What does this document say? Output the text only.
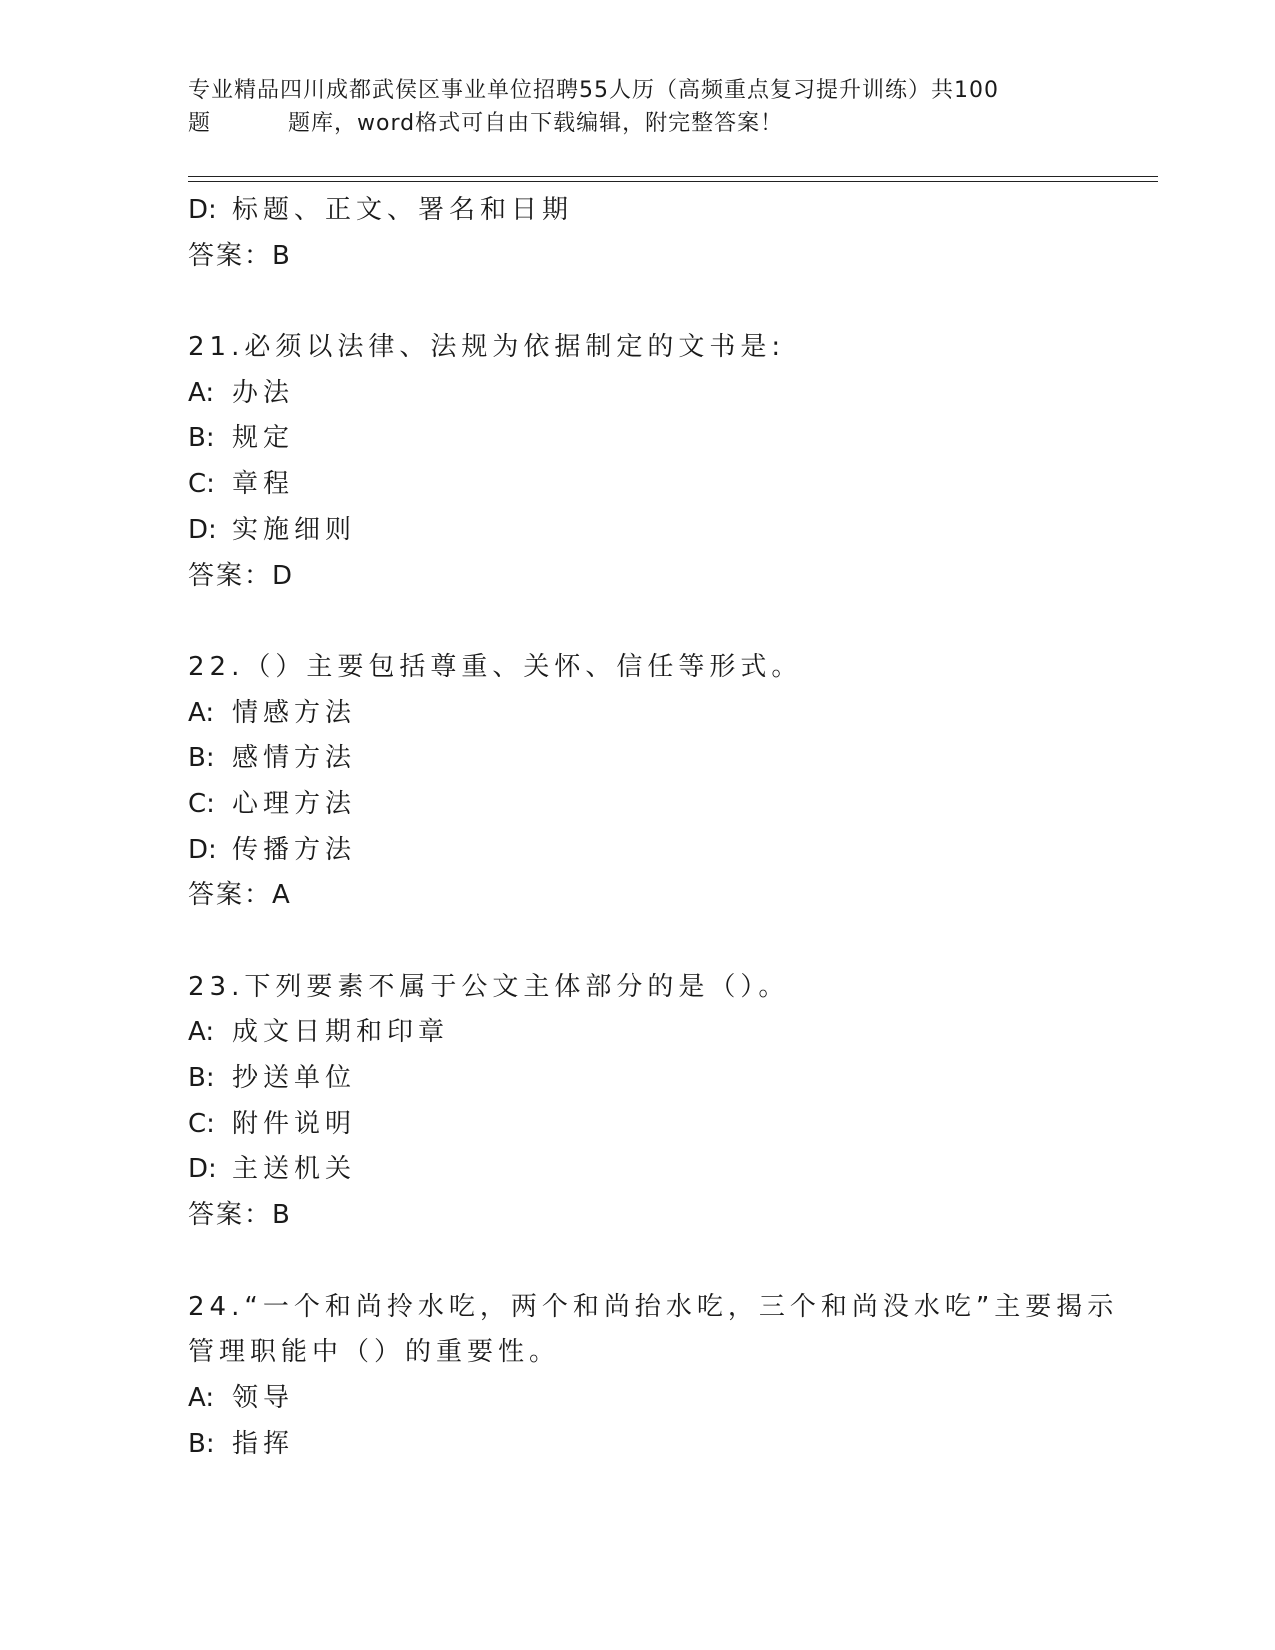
专业精品四川成都武侯区事业单位招聘55人历（高频重点复习提升训练）共100
题	题库，word格式可自由下载编辑，附完整答案！
D: 标题、正文、署名和日期
答案：B
21.必须以法律、法规为依据制定的文书是:
A: 办法
B: 规定
C: 章程
D: 实施细则
答案：D
22.（）主要包括尊重、关怀、信任等形式。
A: 情感方法
B: 感情方法
C: 心理方法
D: 传播方法
答案：A
23.下列要素不属于公文主体部分的是（）。
A: 成文日期和印章
B: 抄送单位
C: 附件说明
D: 主送机关
答案：B
24.“一个和尚拎水吃，两个和尚抬水吃，三个和尚没水吃”主要揭示
管理职能中（）的重要性。
A: 领导
B: 指挥
